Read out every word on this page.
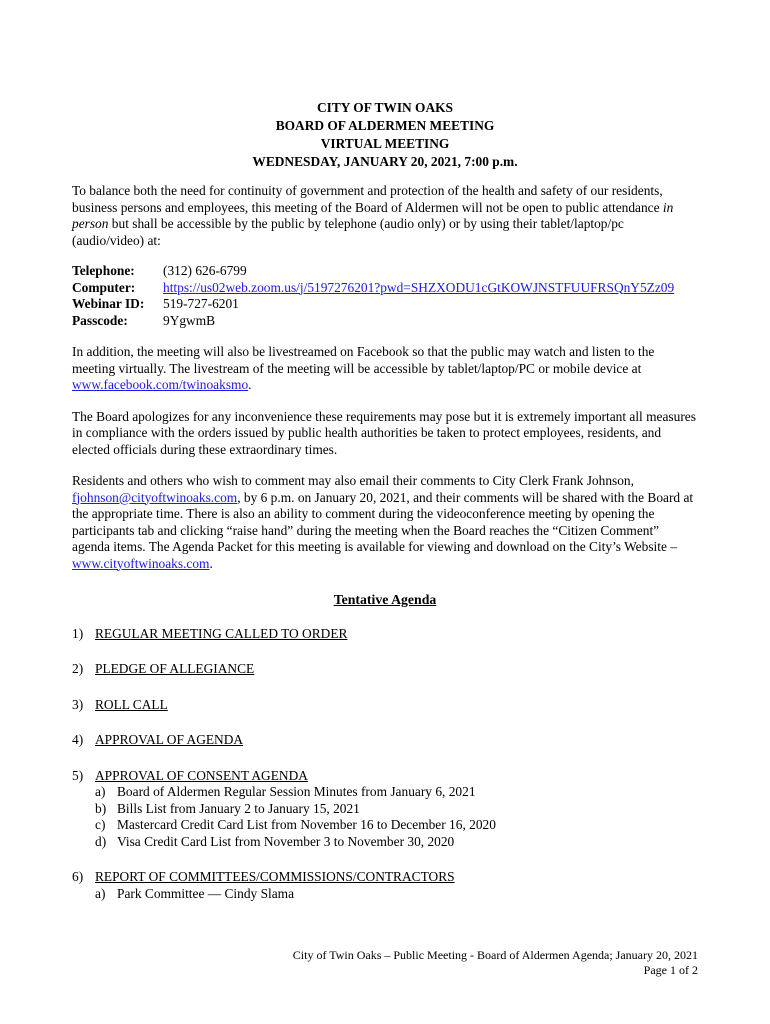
CITY OF TWIN OAKS
BOARD OF ALDERMEN MEETING
VIRTUAL MEETING
WEDNESDAY, JANUARY 20, 2021, 7:00 p.m.

To balance both the need for continuity of government and protection of the health and safety of our residents, business persons and employees, this meeting of the Board of Aldermen will not be open to public attendance in person but shall be accessible by the public by telephone (audio only) or by using their tablet/laptop/pc (audio/video) at:

Telephone:	(312) 626-6799
Computer:	https://us02web.zoom.us/j/5197276201?pwd=SHZXODU1cGtKOWJNSTFUUFRSQnY5Zz09
Webinar ID:	519-727-6201
Passcode:	9YgwmB

In addition, the meeting will also be livestreamed on Facebook so that the public may watch and listen to the meeting virtually. The livestream of the meeting will be accessible by tablet/laptop/PC or mobile device at www.facebook.com/twinoaksmo.

The Board apologizes for any inconvenience these requirements may pose but it is extremely important all measures in compliance with the orders issued by public health authorities be taken to protect employees, residents, and elected officials during these extraordinary times.

Residents and others who wish to comment may also email their comments to City Clerk Frank Johnson, fjohnson@cityoftwinoaks.com, by 6 p.m. on January 20, 2021, and their comments will be shared with the Board at the appropriate time. There is also an ability to comment during the videoconference meeting by opening the participants tab and clicking “raise hand” during the meeting when the Board reaches the “Citizen Comment” agenda items. The Agenda Packet for this meeting is available for viewing and download on the City’s Website – www.cityoftwinoaks.com.

Tentative Agenda
1) REGULAR MEETING CALLED TO ORDER
2) PLEDGE OF ALLEGIANCE
3) ROLL CALL
4) APPROVAL OF AGENDA
5) APPROVAL OF CONSENT AGENDA
a) Board of Aldermen Regular Session Minutes from January 6, 2021
b) Bills List from January 2 to January 15, 2021
c) Mastercard Credit Card List from November 16 to December 16, 2020
d) Visa Credit Card List from November 3 to November 30, 2020
6) REPORT OF COMMITTEES/COMMISSIONS/CONTRACTORS
a) Park Committee — Cindy Slama
City of Twin Oaks – Public Meeting - Board of Aldermen Agenda; January 20, 2021
Page 1 of 2
